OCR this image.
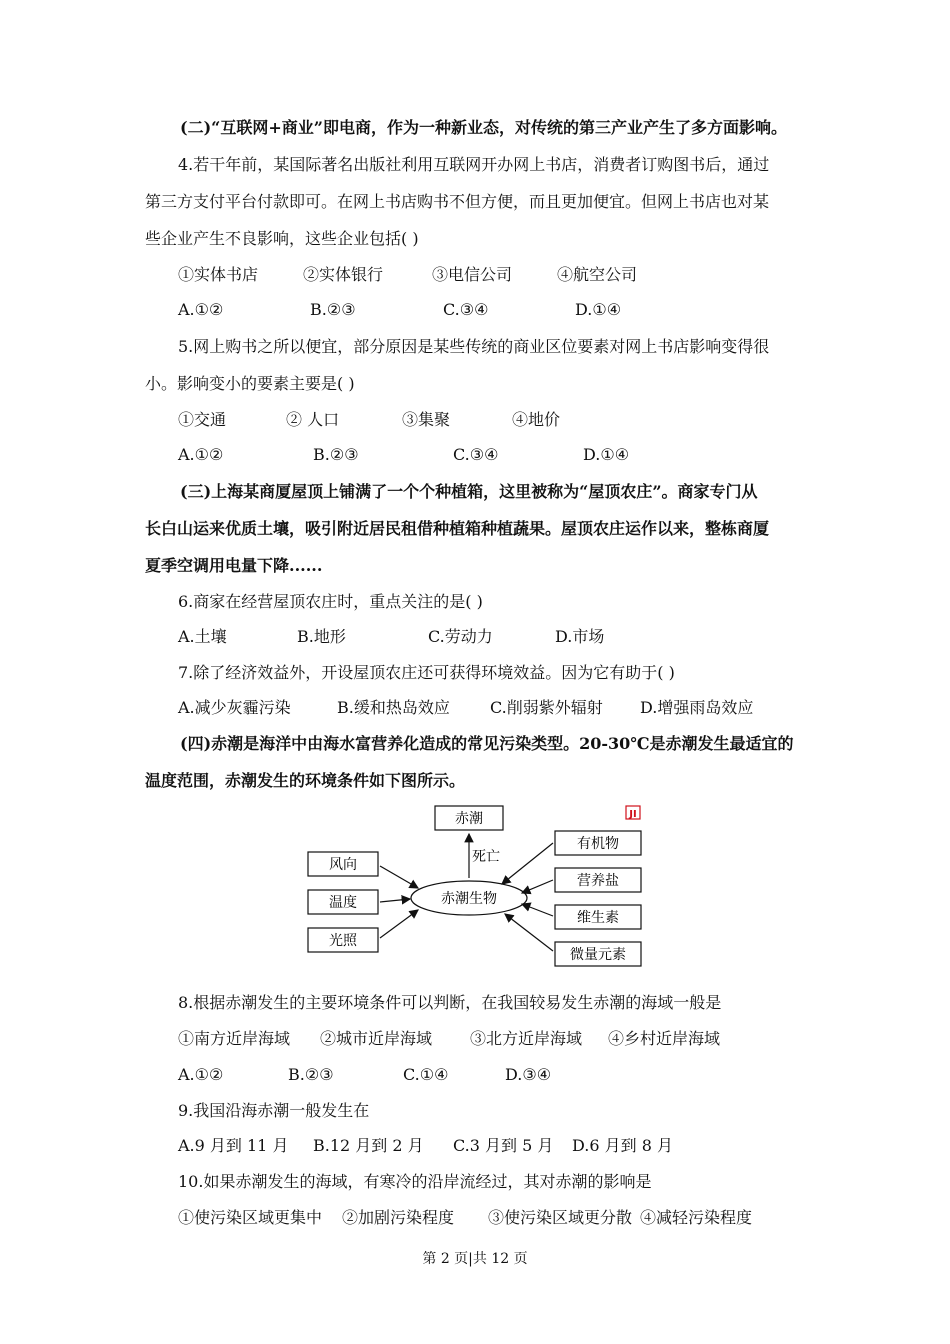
(二)“互联网+商业”即电商，作为一种新业态，对传统的第三产业产生了多方面影响。
4.若干年前，某国际著名出版社利用互联网开办网上书店，消费者订购图书后，通过
第三方支付平台付款即可。在网上书店购书不但方便，而且更加便宜。但网上书店也对某
些企业产生不良影响，这些企业包括( )
①实体书店	②实体银行	③电信公司	④航空公司
A.①②	B.②③	C.③④	D.①④
5.网上购书之所以便宜，部分原因是某些传统的商业区位要素对网上书店影响变得很
小。影响变小的要素主要是( )
①交通	② 人口	③集聚	④地价
A.①②	B.②③	C.③④	D.①④
(三)上海某商厦屋顶上铺满了一个个种植箱，这里被称为“屋顶农庄”。商家专门从
长白山运来优质土壤，吸引附近居民租借种植箱种植蔬果。屋顶农庄运作以来，整栋商厦
夏季空调用电量下降......
6.商家在经营屋顶农庄时，重点关注的是( )
A.土壤	B.地形	C.劳动力	D.市场
7.除了经济效益外，开设屋顶农庄还可获得环境效益。因为它有助于( )
A.减少灰霾污染	B.缓和热岛效应	C.削弱紫外辐射 D.增强雨岛效应
(四)赤潮是海洋中由海水富营养化造成的常见污染类型。20-30℃是赤潮发生最适宜的
温度范围，赤潮发生的环境条件如下图所示。
赤潮
死亡
赤潮生物
风向
温度
光照
有机物
营养盐
维生素
微量元素
JI
8.根据赤潮发生的主要环境条件可以判断，在我国较易发生赤潮的海域一般是
①南方近岸海域 ②城市近岸海域 ③北方近岸海域 ④乡村近岸海域
A.①②	B.②③	C.①④	D.③④
9.我国沿海赤潮一般发生在
A.9 月到 11 月 B.12 月到 2 月 C.3 月到 5 月 D.6 月到 8 月
10.如果赤潮发生的海域，有寒冷的沿岸流经过，其对赤潮的影响是
①使污染区域更集中 ②加剧污染程度 ③使污染区域更分散 ④减轻污染程度
第 2 页|共 12 页
